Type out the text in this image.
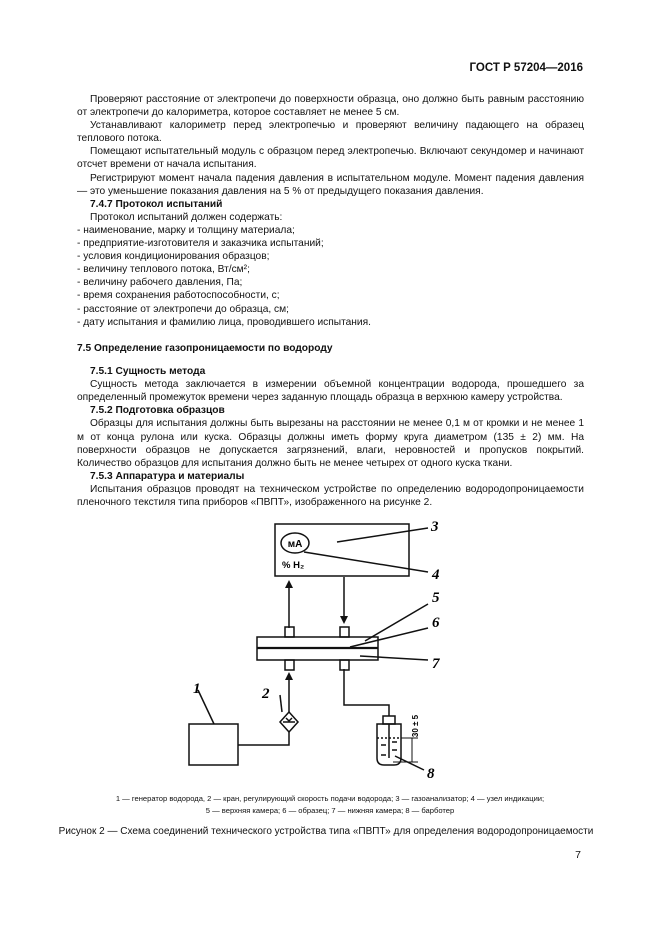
ГОСТ Р 57204—2016
Проверяют расстояние от электропечи до поверхности образца, оно должно быть равным расстоянию от электропечи до калориметра, которое составляет не менее 5 см.
Устанавливают калориметр перед электропечью и проверяют величину падающего на образец теплового потока.
Помещают испытательный модуль с образцом перед электропечью. Включают секундомер и начинают отсчет времени от начала испытания.
Регистрируют момент начала падения давления в испытательном модуле. Момент падения давления — это уменьшение показания давления на 5 % от предыдущего показания давления.
7.4.7 Протокол испытаний
Протокол испытаний должен содержать:
- наименование, марку и толщину материала;
- предприятие-изготовителя и заказчика испытаний;
- условия кондиционирования образцов;
- величину теплового потока, Вт/см²;
- величину рабочего давления, Па;
- время сохранения работоспособности, с;
- расстояние от электропечи до образца, см;
- дату испытания и фамилию лица, проводившего испытания.
7.5 Определение газопроницаемости по водороду
7.5.1 Сущность метода
Сущность метода заключается в измерении объемной концентрации водорода, прошедшего за определенный промежуток времени через заданную площадь образца в верхнюю камеру устройства.
7.5.2 Подготовка образцов
Образцы для испытания должны быть вырезаны на расстоянии не менее 0,1 м от кромки и не менее 1 м от конца рулона или куска. Образцы должны иметь форму круга диаметром (135 ± 2) мм. На поверхности образцов не допускается загрязнений, влаги, неровностей и пропусков покрытий. Количество образцов для испытания должно быть не менее четырех от одного куска ткани.
7.5.3 Аппаратура и материалы
Испытания образцов проводят на техническом устройстве по определению водородопроницаемости пленочного текстиля типа приборов «ПВПТ», изображенного на рисунке 2.
мА
% H₂
3
4
5
6
7
1	2
8
30 ± 5
1 — генератор водорода, 2 — кран, регулирующий скорость подачи водорода; 3 — газоанализатор; 4 — узел индикации;
5 — верхняя камера; 6 — образец; 7 — нижняя камера; 8 — барботер
Рисунок 2 — Схема соединений технического устройства типа «ПВПТ» для определения водородопроницаемости
7
